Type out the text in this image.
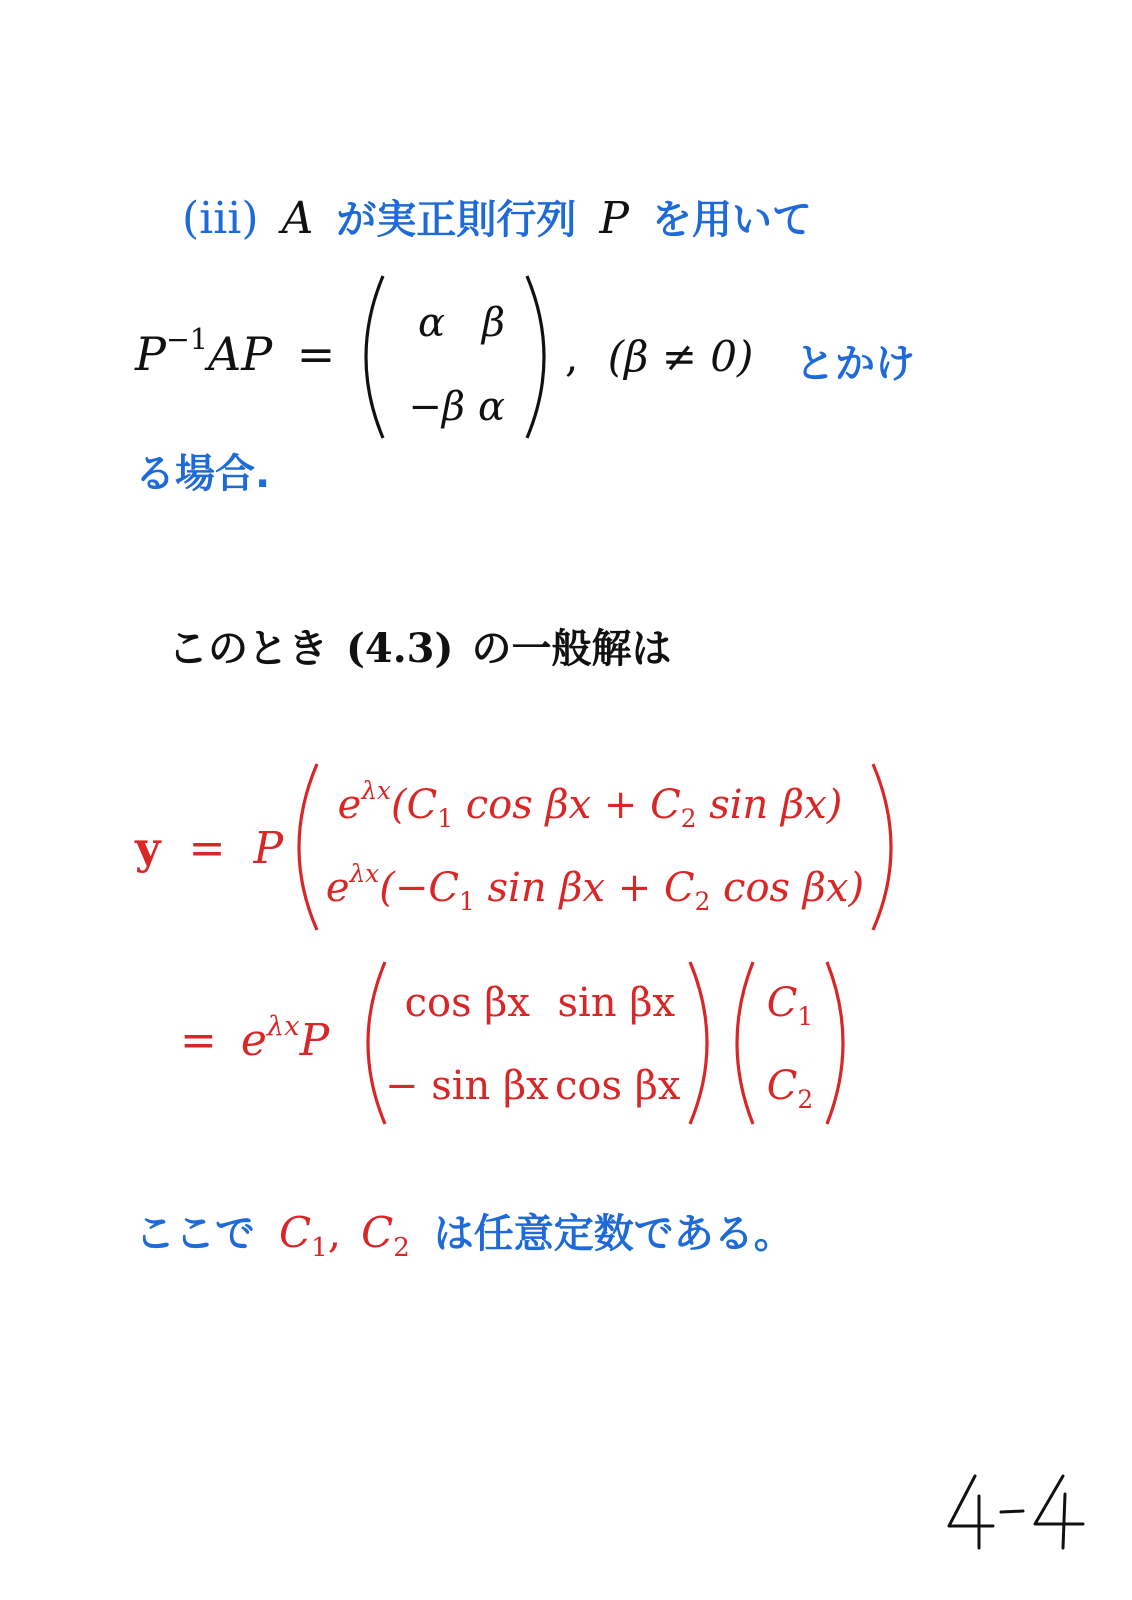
(iii) A が実正則行列 P を用いて
$P^{-1}AP$ =
α β
−β α
, (β ≠ 0) とかけ
る場合.
このとき (4.3) の一般解は
y = P
$e^{\lambda x}(C_1$ $\cos \beta x + C_2$ sin βx)
$e^{\lambda x}(-C_1$ $\sin \beta x + C_2$ cos βx)
= $e^{\lambda x}P$
cos βx sin βx
− sin βx cos βx
$C_1$
$C_2$
ここで $C_1$, $C_2$ は任意定数である。
